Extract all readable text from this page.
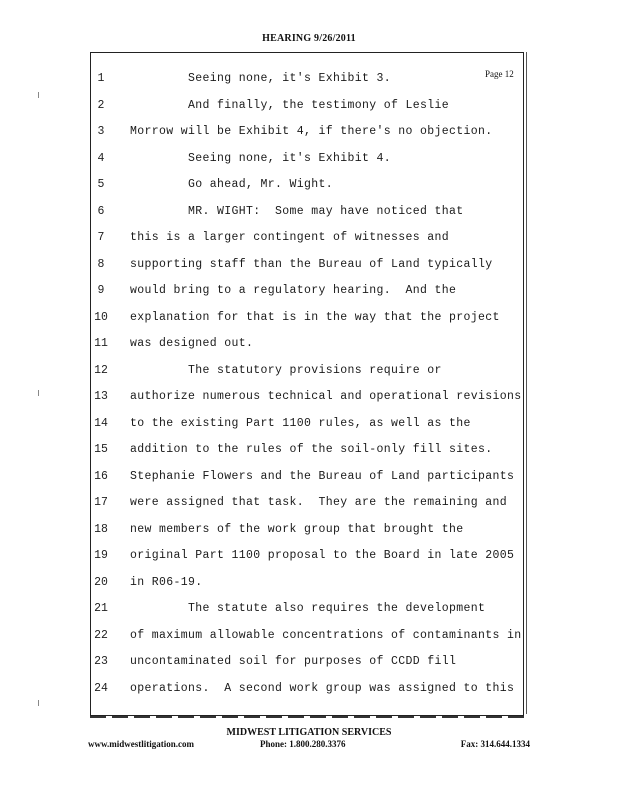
HEARING 9/26/2011
Page 12
1	Seeing none, it's Exhibit 3.
2	And finally, the testimony of Leslie
3	Morrow will be Exhibit 4, if there's no objection.
4	Seeing none, it's Exhibit 4.
5	Go ahead, Mr. Wight.
6	MR. WIGHT:  Some may have noticed that
7	this is a larger contingent of witnesses and
8	supporting staff than the Bureau of Land typically
9	would bring to a regulatory hearing.  And the
10 explanation for that is in the way that the project
11 was designed out.
12 The statutory provisions require or
13 authorize numerous technical and operational revisions
14 to the existing Part 1100 rules, as well as the
15 addition to the rules of the soil-only fill sites.
16 Stephanie Flowers and the Bureau of Land participants
17 were assigned that task.  They are the remaining and
18 new members of the work group that brought the
19 original Part 1100 proposal to the Board in late 2005
20 in R06-19.
21 The statute also requires the development
22 of maximum allowable concentrations of contaminants in
23 uncontaminated soil for purposes of CCDD fill
24 operations.  A second work group was assigned to this
MIDWEST LITIGATION SERVICES
www.midwestlitigation.com	Phone: 1.800.280.3376	Fax: 314.644.1334
